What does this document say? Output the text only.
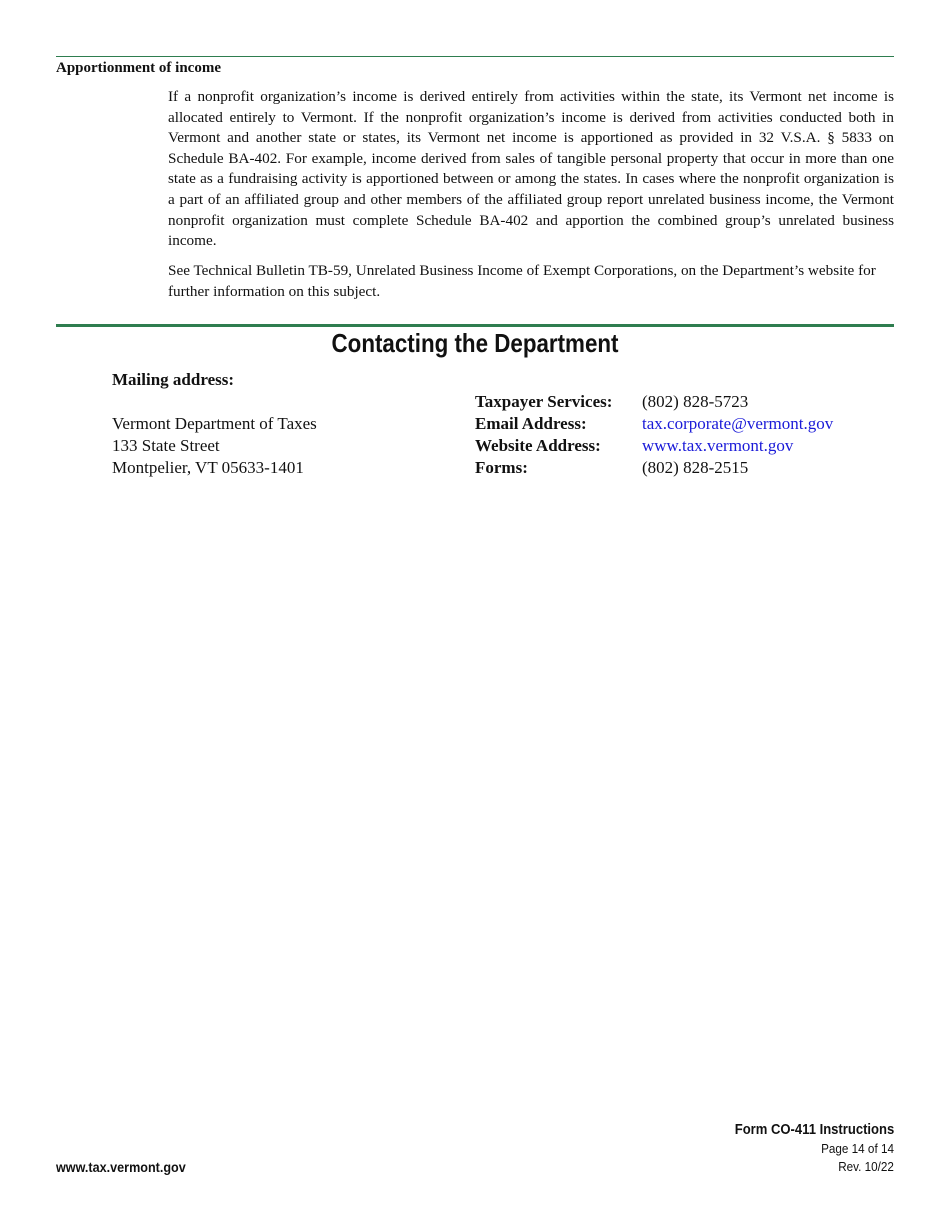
Apportionment of income

If a nonprofit organization’s income is derived entirely from activities within the state, its Vermont net income is allocated entirely to Vermont. If the nonprofit organization’s income is derived from activities conducted both in Vermont and another state or states, its Vermont net income is apportioned as provided in 32 V.S.A. § 5833 on Schedule BA-402. For example, income derived from sales of tangible personal property that occur in more than one state as a fundraising activity is apportioned between or among the states. In cases where the nonprofit organization is a part of an affiliated group and other members of the affiliated group report unrelated business income, the Vermont nonprofit organization must complete Schedule BA-402 and apportion the combined group’s unrelated business income.

See Technical Bulletin TB-59, Unrelated Business Income of Exempt Corporations, on the Department’s website for further information on this subject.

Contacting the Department
Mailing address:
Vermont Department of Taxes
133 State Street
Montpelier, VT 05633-1401
Taxpayer Services: (802) 828-5723
Email Address:	tax.corporate@vermont.gov
Website Address: www.tax.vermont.gov
Forms:	(802) 828-2515
www.tax.vermont.gov
Form CO-411 Instructions
Page 14 of 14
Rev. 10/22
